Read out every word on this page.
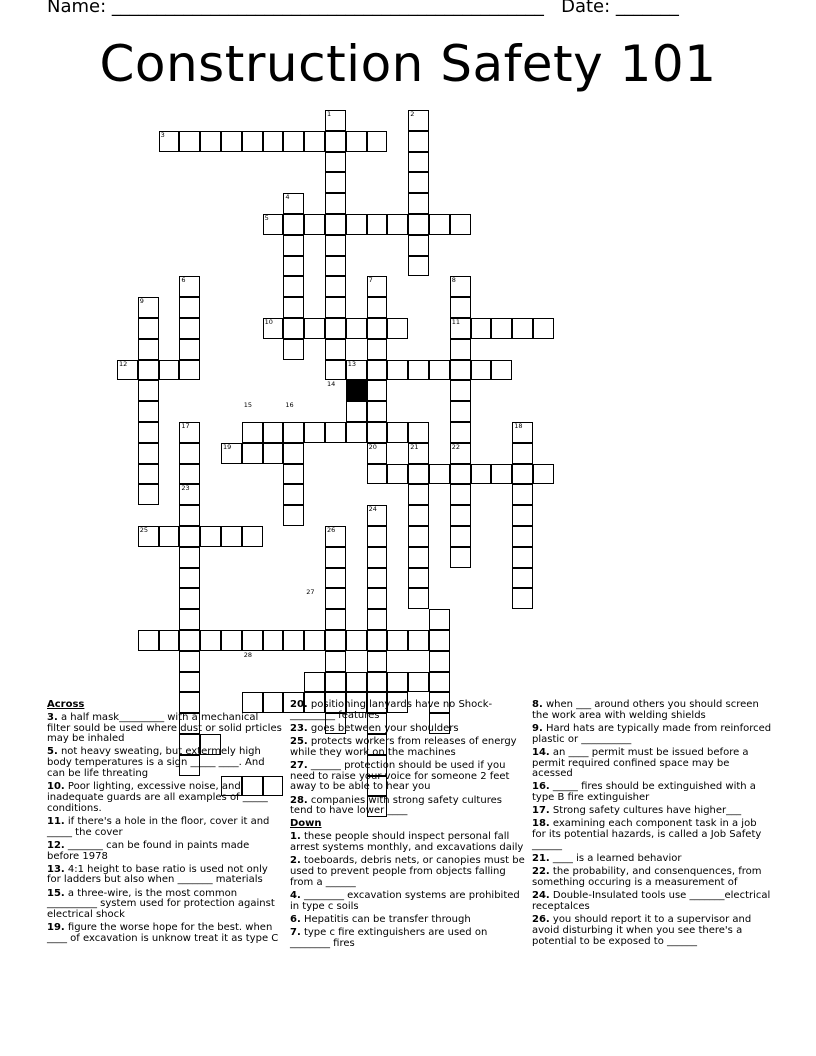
Name: ________________________________________________ Date: _______
Construction Safety 101
1	2
3
4
5
6	7	8
9
10	11
12	13
14
15	16
17	18
19	20	21	22
23
24
25	26
27
28
Across
3. a half mask_________ with a mechanical filter sould be used where dust or solid prticles may be inhaled
5. not heavy sweating, but extermely high body temperatures is a sign _____ ____. And can be life threating
10. Poor lighting, excessive noise, and inadequate guards are all examples of _____ conditions.
11. if there's a hole in the floor, cover it and _____ the cover
12. _______ can be found in paints made before 1978
13. 4:1 height to base ratio is used not only for ladders but also when _______ materials
15. a three-wire, is the most common __________ system used for protection against electrical shock
19. figure the worse hope for the best. when ____ of excavation is unknow treat it as type C
20. positioning lanyards have no Shock-_________ features
23. goes between your shoulders
25. protects workers from releases of energy while they work on the machines
27. ______ protection should be used if you need to raise your voice for someone 2 feet away to be able to hear you
28. companies with strong safety cultures tend to have lower ____
Down
1. these people should inspect personal fall arrest systems monthly, and excavations daily
2. toeboards, debris nets, or canopies must be used to prevent people from objects falling from a ______
4. ________ excavation systems are prohibited in type c soils
6. Hepatitis can be transfer through
7. type c fire extinguishers are used on ________ fires
8. when ___ around others you should screen the work area with welding shields
9. Hard hats are typically made from reinforced plastic or __________
14. an ____ permit must be issued before a permit required confined space may be acessed
16. _____ fires should be extinguished with a type B fire extinguisher
17. Strong safety cultures have higher___
18. examining each component task in a job for its potential hazards, is called a Job Safety ______
21. ____ is a learned behavior
22. the probability, and consenquences, from something occuring is a measurement of
24. Double-Insulated tools use _______electrical receptalces
26. you should report it to a supervisor and avoid disturbing it when you see there's a potential to be exposed to ______
